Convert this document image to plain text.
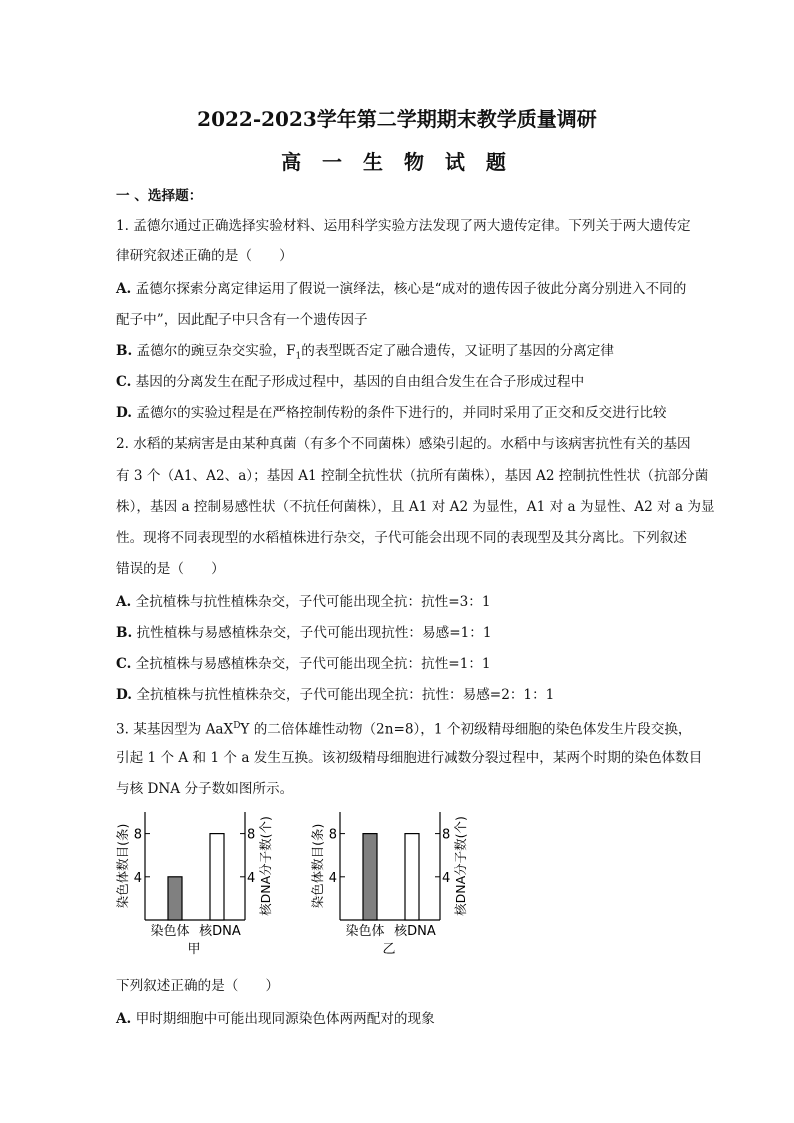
2022-2023学年第二学期期末教学质量调研
高 一 生 物 试 题
一 、选择题：
1. 孟德尔通过正确选择实验材料、运用科学实验方法发现了两大遗传定律。下列关于两大遗传定
律研究叙述正确的是（　　）
A. 孟德尔探索分离定律运用了假说一演绎法，核心是“成对的遗传因子彼此分离分别进入不同的
配子中”，因此配子中只含有一个遗传因子
B. 孟德尔的豌豆杂交实验，$F_1$的表型既否定了融合遗传，又证明了基因的分离定律
C. 基因的分离发生在配子形成过程中，基因的自由组合发生在合子形成过程中
D. 孟德尔的实验过程是在严格控制传粉的条件下进行的，并同时采用了正交和反交进行比较
2. 水稻的某病害是由某种真菌（有多个不同菌株）感染引起的。水稻中与该病害抗性有关的基因
有 3 个（A1、A2、a）；基因 A1 控制全抗性状（抗所有菌株），基因 A2 控制抗性性状（抗部分菌
株），基因 a 控制易感性状（不抗任何菌株），且 A1 对 A2 为显性，A1 对 a 为显性、A2 对 a 为显
性。现将不同表现型的水稻植株进行杂交，子代可能会出现不同的表现型及其分离比。下列叙述
错误的是（　　）
A. 全抗植株与抗性植株杂交，子代可能出现全抗：抗性=3：1
B. 抗性植株与易感植株杂交，子代可能出现抗性：易感=1：1
C. 全抗植株与易感植株杂交，子代可能出现全抗：抗性=1：1
D. 全抗植株与抗性植株杂交，子代可能出现全抗：抗性：易感=2：1：1
3. 某基因型为 AaX$^D$Y 的二倍体雄性动物（2n=8），1 个初级精母细胞的染色体发生片段交换，
引起 1 个 A 和 1 个 a 发生互换。该初级精母细胞进行减数分裂过程中，某两个时期的染色体数目
与核 DNA 分子数如图所示。
4	4
8	8
染色体数目(条)	核DNA分子数(个)
染色体 核DNA
甲
4	4
8	8
染色体数目(条)	核DNA分子数(个)
染色体 核DNA
乙
下列叙述正确的是（　　）
A. 甲时期细胞中可能出现同源染色体两两配对的现象
